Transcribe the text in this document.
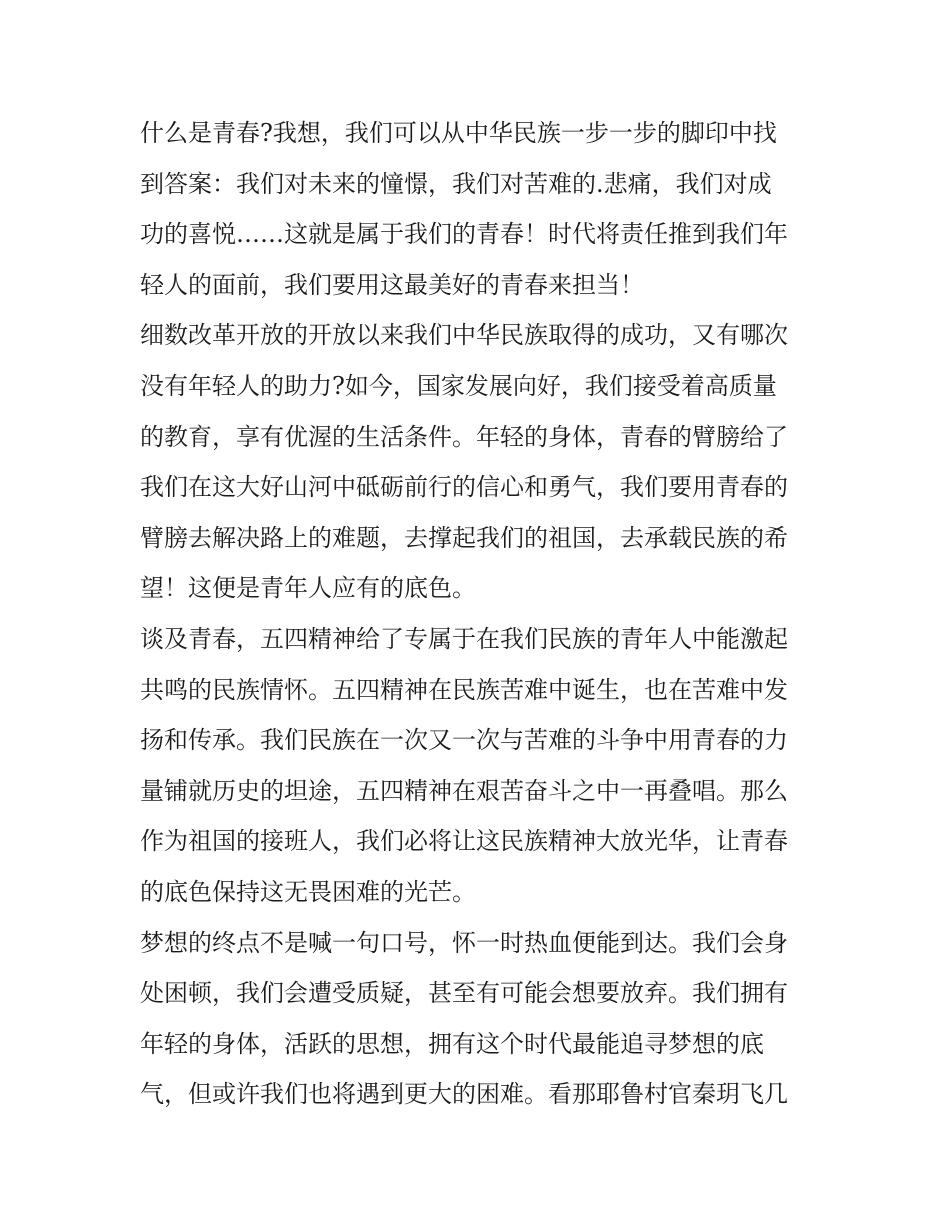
什么是青春?我想，我们可以从中华民族一步一步的脚印中找
到答案：我们对未来的憧憬，我们对苦难的.悲痛，我们对成
功的喜悦……这就是属于我们的青春！时代将责任推到我们年
轻人的面前，我们要用这最美好的青春来担当！
细数改革开放的开放以来我们中华民族取得的成功，又有哪次
没有年轻人的助力?如今，国家发展向好，我们接受着高质量
的教育，享有优渥的生活条件。年轻的身体，青春的臂膀给了
我们在这大好山河中砥砺前行的信心和勇气，我们要用青春的
臂膀去解决路上的难题，去撑起我们的祖国，去承载民族的希
望！这便是青年人应有的底色。
谈及青春，五四精神给了专属于在我们民族的青年人中能激起
共鸣的民族情怀。五四精神在民族苦难中诞生，也在苦难中发
扬和传承。我们民族在一次又一次与苦难的斗争中用青春的力
量铺就历史的坦途，五四精神在艰苦奋斗之中一再叠唱。那么
作为祖国的接班人，我们必将让这民族精神大放光华，让青春
的底色保持这无畏困难的光芒。
梦想的终点不是喊一句口号，怀一时热血便能到达。我们会身
处困顿，我们会遭受质疑，甚至有可能会想要放弃。我们拥有
年轻的身体，活跃的思想，拥有这个时代最能追寻梦想的底
气，但或许我们也将遇到更大的困难。看那耶鲁村官秦玥飞几
